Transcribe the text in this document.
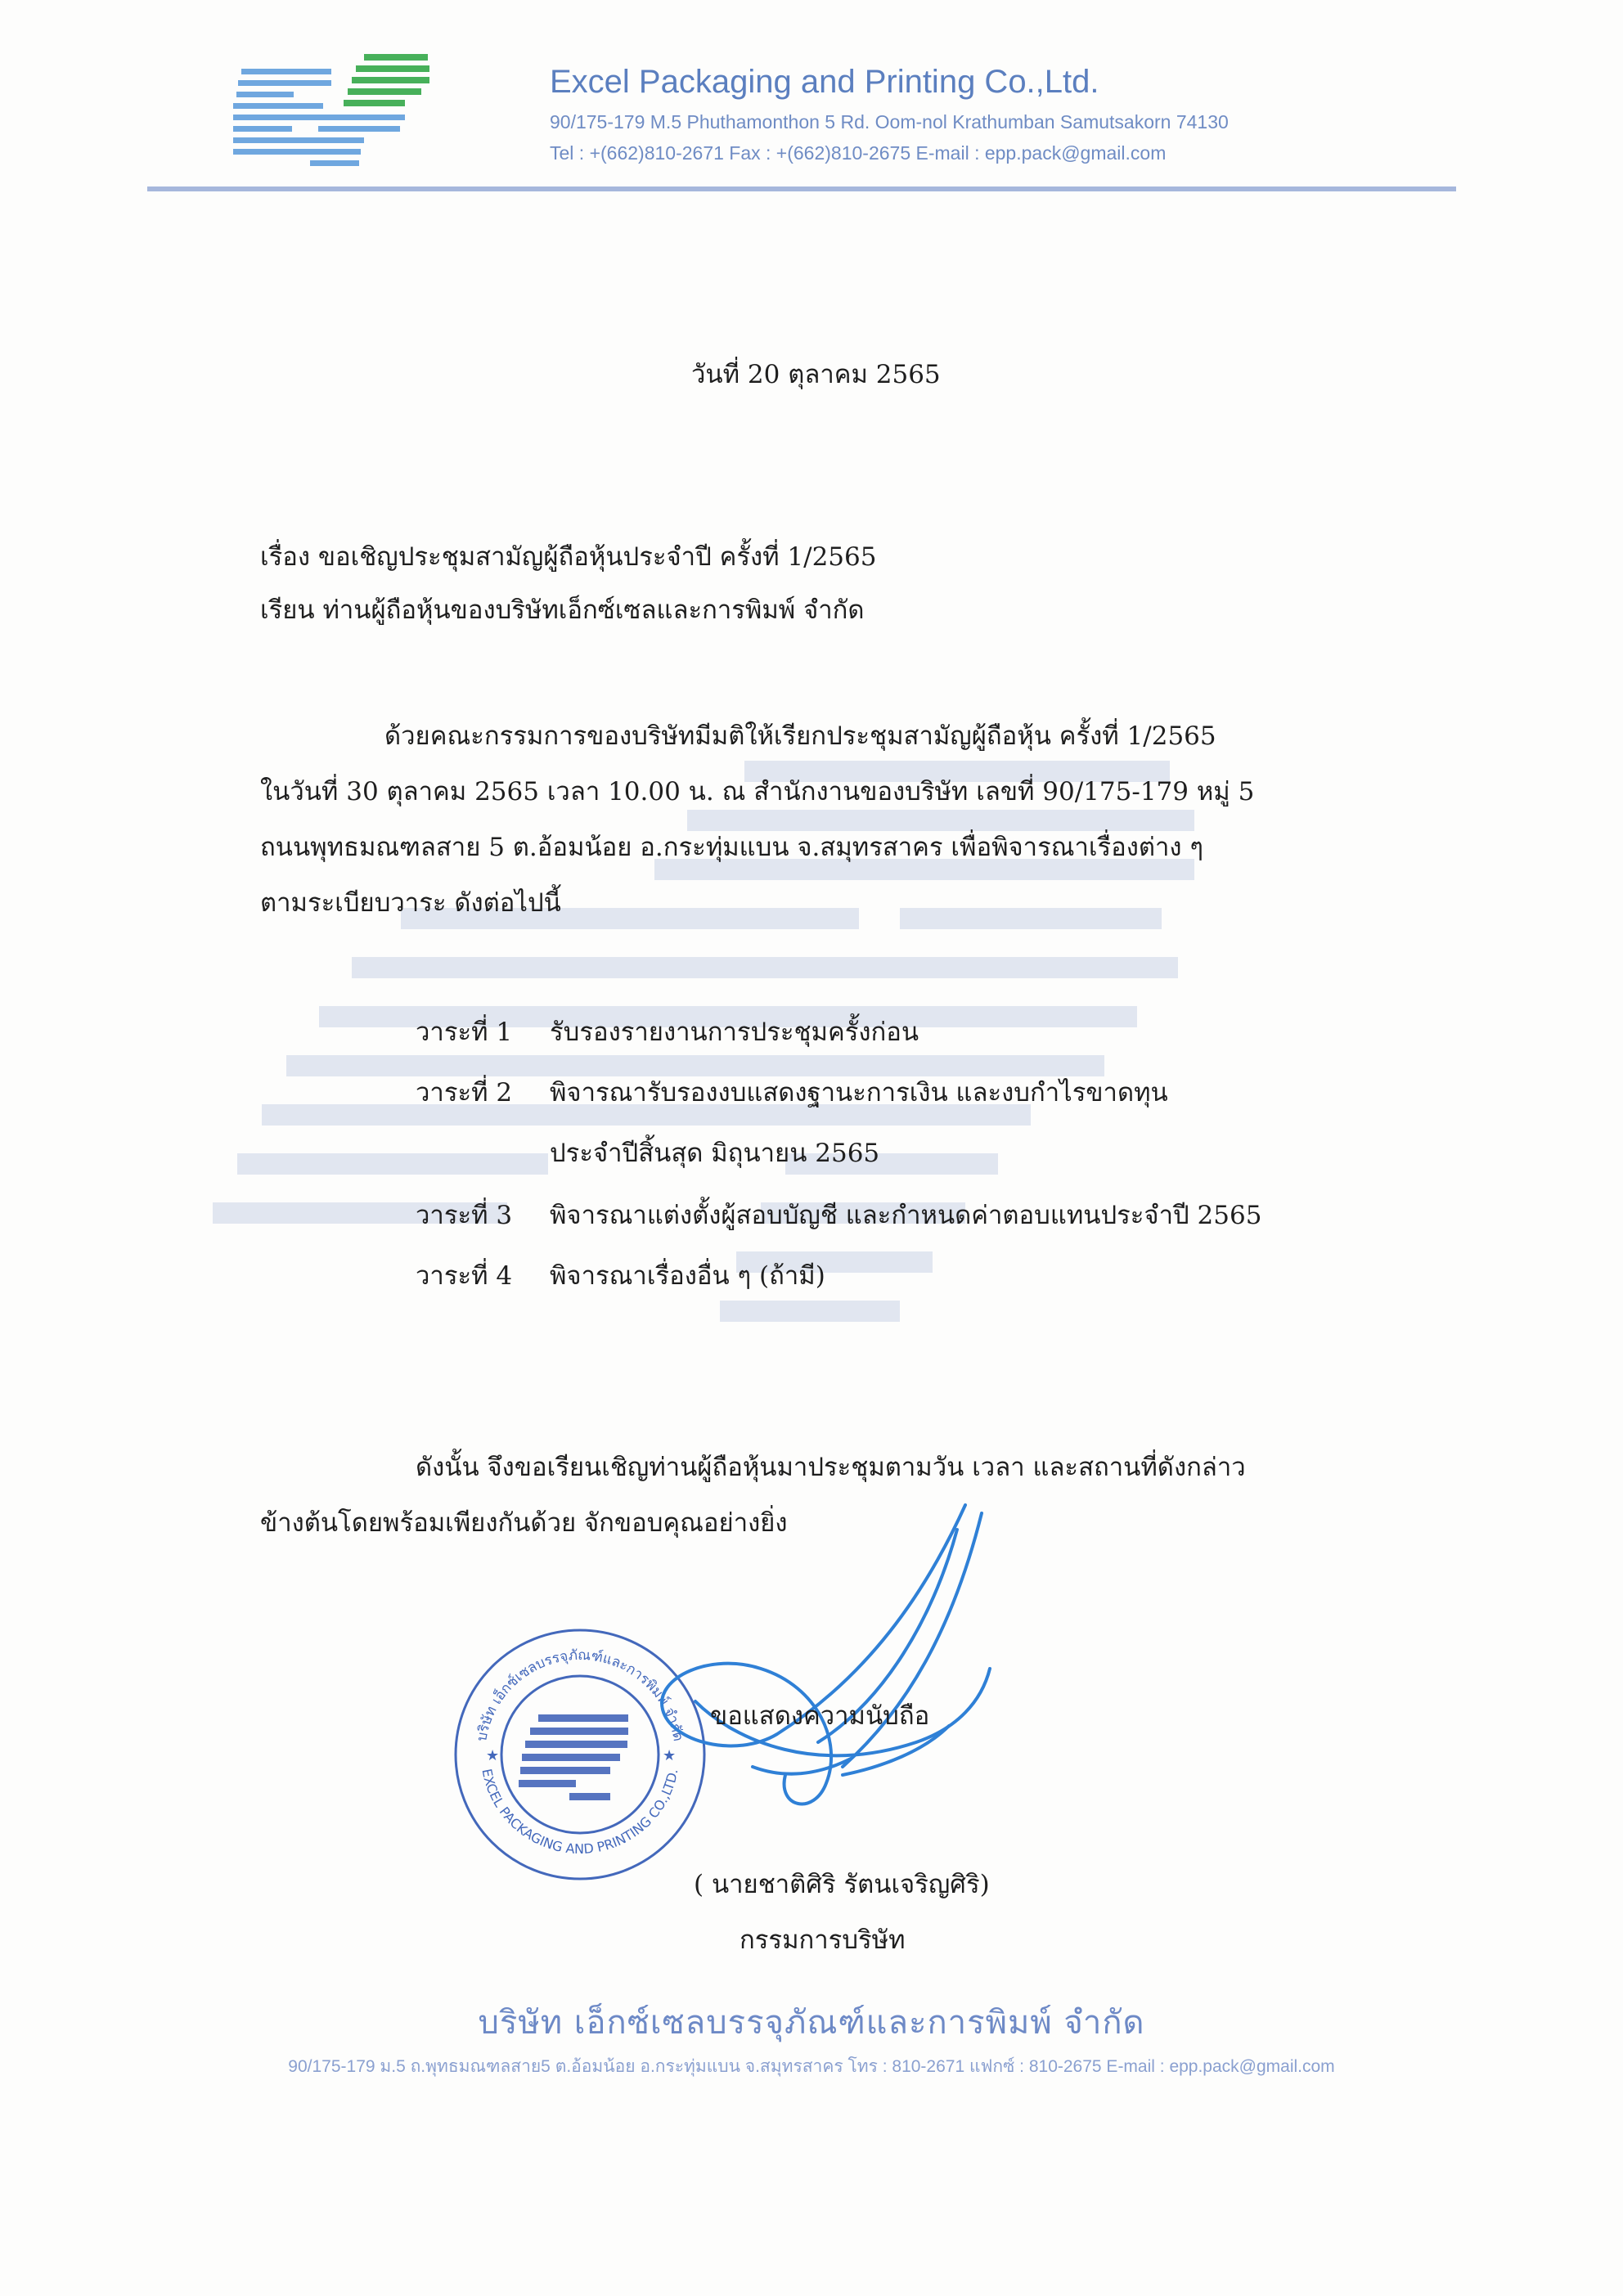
Excel Packaging and Printing Co.,Ltd.
90/175-179 M.5 Phuthamonthon 5 Rd. Oom-nol Krathumban Samutsakorn 74130
Tel : +(662)810-2671 Fax : +(662)810-2675 E-mail : epp.pack@gmail.com
วันที่ 20 ตุลาคม 2565
เรื่อง ขอเชิญประชุมสามัญผู้ถือหุ้นประจำปี ครั้งที่ 1/2565
เรียน ท่านผู้ถือหุ้นของบริษัทเอ็กซ์เซลและการพิมพ์ จำกัด
ด้วยคณะกรรมการของบริษัทมีมติให้เรียกประชุมสามัญผู้ถือหุ้น ครั้งที่ 1/2565
ในวันที่ 30 ตุลาคม 2565 เวลา 10.00 น. ณ สำนักงานของบริษัท เลขที่ 90/175-179 หมู่ 5
ถนนพุทธมณฑลสาย 5 ต.อ้อมน้อย อ.กระทุ่มแบน จ.สมุทรสาคร เพื่อพิจารณาเรื่องต่าง ๆ
ตามระเบียบวาระ ดังต่อไปนี้
วาระที่ 1 รับรองรายงานการประชุมครั้งก่อน
วาระที่ 2 พิจารณารับรองงบแสดงฐานะการเงิน และงบกำไรขาดทุน
ประจำปีสิ้นสุด มิถุนายน 2565
วาระที่ 3 พิจารณาแต่งตั้งผู้สอบบัญชี และกำหนดค่าตอบแทนประจำปี 2565
วาระที่ 4 พิจารณาเรื่องอื่น ๆ (ถ้ามี)
ดังนั้น จึงขอเรียนเชิญท่านผู้ถือหุ้นมาประชุมตามวัน เวลา และสถานที่ดังกล่าว
ข้างต้นโดยพร้อมเพียงกันด้วย จักขอบคุณอย่างยิ่ง
บริษัท เอ็กซ์เซลบรรจุภัณฑ์และการพิมพ์ จำกัด
EXCEL PACKAGING AND PRINTING CO.,LTD.
★	★
ขอแสดงความนับถือ
( นายชาติศิริ รัตนเจริญศิริ)
กรรมการบริษัท
บริษัท เอ็กซ์เซลบรรจุภัณฑ์และการพิมพ์ จำกัด
90/175-179 ม.5 ถ.พุทธมณฑลสาย5 ต.อ้อมน้อย อ.กระทุ่มแบน จ.สมุทรสาคร โทร : 810-2671 แฟกซ์ : 810-2675 E-mail : epp.pack@gmail.com
